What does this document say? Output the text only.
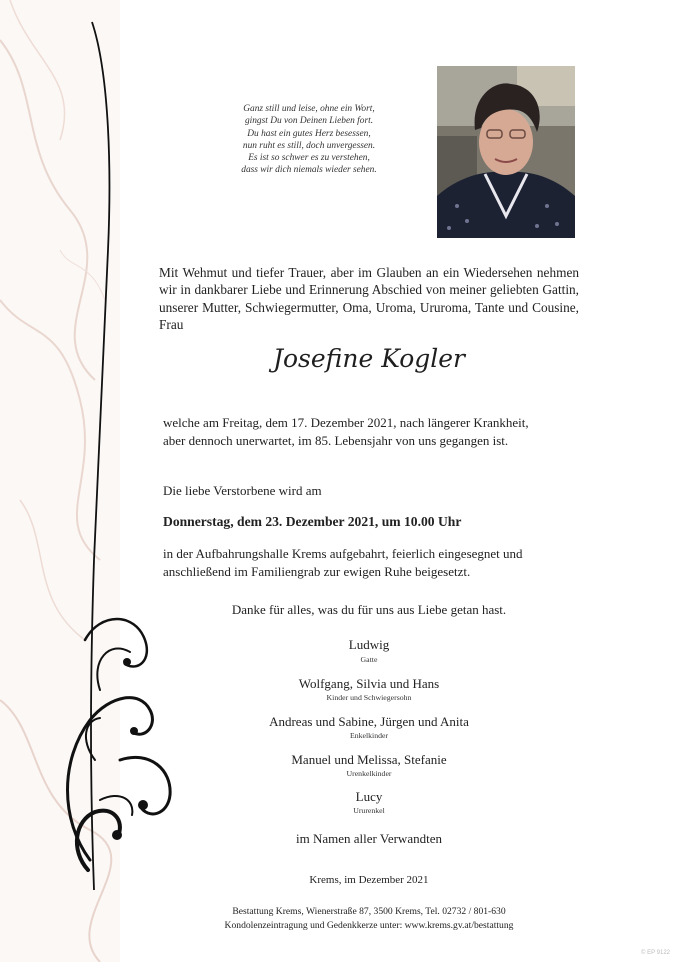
Ganz still und leise, ohne ein Wort,
gingst Du von Deinen Lieben fort.
Du hast ein gutes Herz besessen,
nun ruht es still, doch unvergessen.
Es ist so schwer es zu verstehen,
dass wir dich niemals wieder sehen.
Mit Wehmut und tiefer Trauer, aber im Glauben an ein Wiedersehen nehmen wir in dankbarer Liebe und Erinnerung Abschied von meiner geliebten Gattin, unserer Mutter, Schwiegermutter, Oma, Uroma, Ururoma, Tante und Cousine, Frau
Josefine Kogler
welche am Freitag, dem 17. Dezember 2021, nach längerer Krankheit,
aber dennoch unerwartet, im 85. Lebensjahr von uns gegangen ist.
Die liebe Verstorbene wird am
Donnerstag, dem 23. Dezember 2021, um 10.00 Uhr
in der Aufbahrungshalle Krems aufgebahrt, feierlich eingesegnet und
anschließend im Familiengrab zur ewigen Ruhe beigesetzt.
Danke für alles, was du für uns aus Liebe getan hast.
Ludwig
Gatte
Wolfgang, Silvia und Hans
Kinder und Schwiegersohn
Andreas und Sabine, Jürgen und Anita
Enkelkinder
Manuel und Melissa, Stefanie
Urenkelkinder
Lucy
Ururenkel
im Namen aller Verwandten
Krems, im Dezember 2021
Bestattung Krems, Wienerstraße 87, 3500 Krems, Tel. 02732 / 801-630
Kondolenzeintragung und Gedenkkerze unter: www.krems.gv.at/bestattung
© EP 9122
